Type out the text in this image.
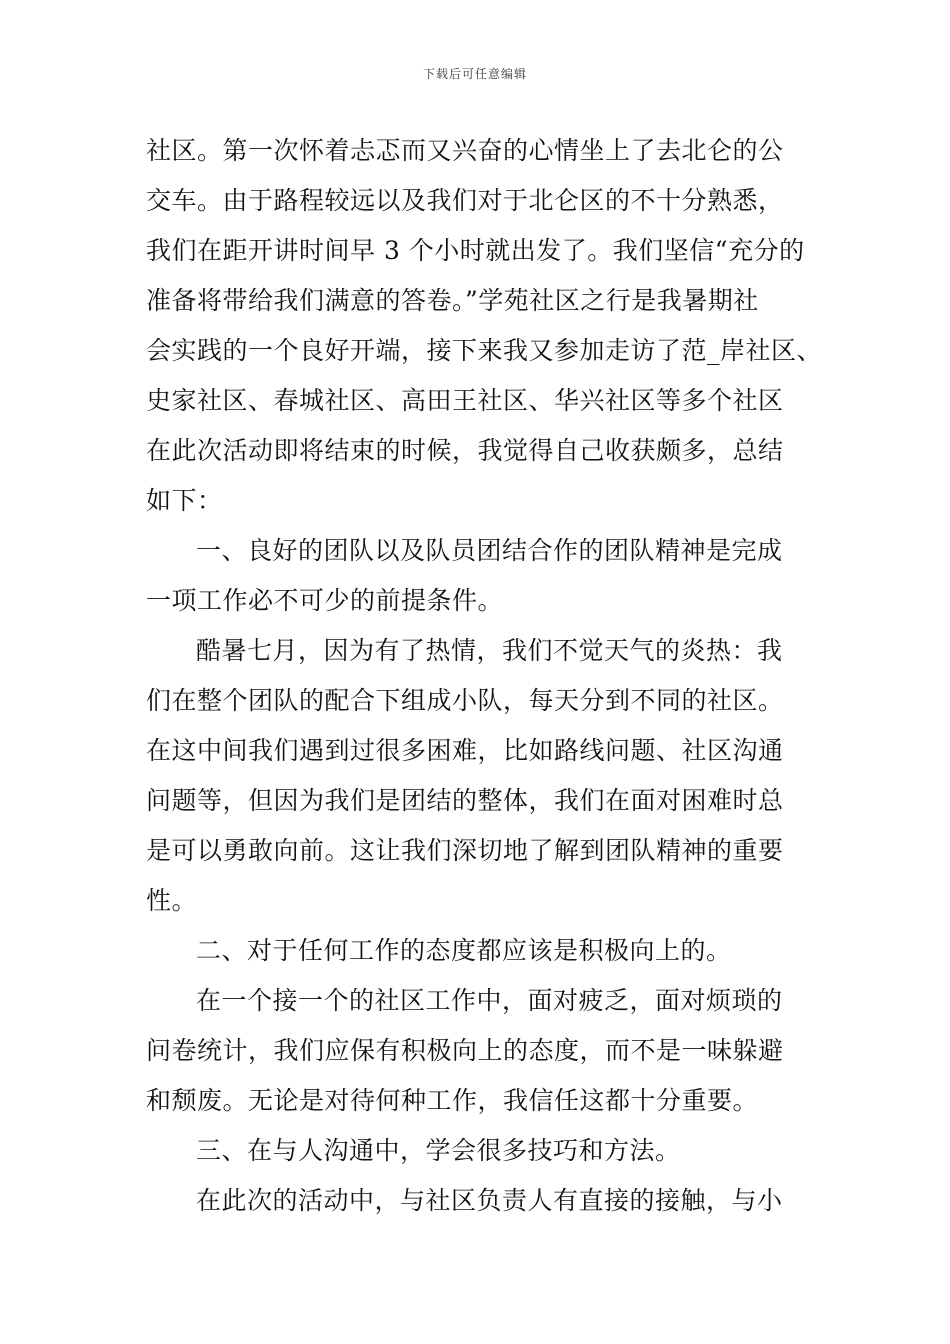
下载后可任意编辑
社区。第一次怀着忐忑而又兴奋的心情坐上了去北仑的公
交车。由于路程较远以及我们对于北仑区的不十分熟悉，
我们在距开讲时间早 3 个小时就出发了。我们坚信“充分的
准备将带给我们满意的答卷。”学苑社区之行是我暑期社
会实践的一个良好开端，接下来我又参加走访了范_岸社区、
史家社区、春城社区、高田王社区、华兴社区等多个社区
在此次活动即将结束的时候，我觉得自己收获颇多，总结
如下：
一、良好的团队以及队员团结合作的团队精神是完成
一项工作必不可少的前提条件。
酷暑七月，因为有了热情，我们不觉天气的炎热：我
们在整个团队的配合下组成小队，每天分到不同的社区。
在这中间我们遇到过很多困难，比如路线问题、社区沟通
问题等，但因为我们是团结的整体，我们在面对困难时总
是可以勇敢向前。这让我们深切地了解到团队精神的重要
性。
二、对于任何工作的态度都应该是积极向上的。
在一个接一个的社区工作中，面对疲乏，面对烦琐的
问卷统计，我们应保有积极向上的态度，而不是一味躲避
和颓废。无论是对待何种工作，我信任这都十分重要。
三、在与人沟通中，学会很多技巧和方法。
在此次的活动中，与社区负责人有直接的接触，与小
